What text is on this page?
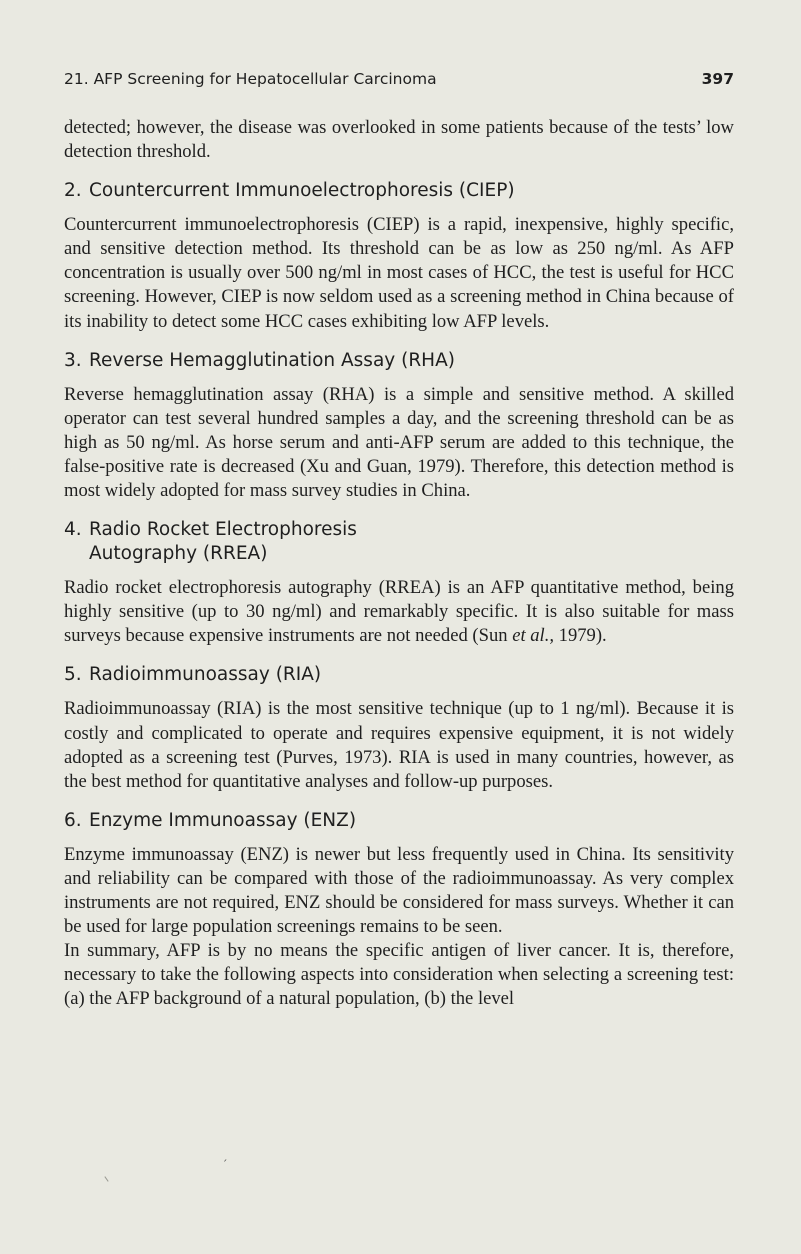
21. AFP Screening for Hepatocellular Carcinoma	397

detected; however, the disease was overlooked in some patients because of the tests’ low detection threshold.

2. Countercurrent Immunoelectrophoresis (CIEP)

Countercurrent immunoelectrophoresis (CIEP) is a rapid, inexpensive, highly specific, and sensitive detection method. Its threshold can be as low as 250 ng/ml. As AFP concentration is usually over 500 ng/ml in most cases of HCC, the test is useful for HCC screening. However, CIEP is now seldom used as a screening method in China because of its inability to detect some HCC cases exhibiting low AFP levels.

3. Reverse Hemagglutination Assay (RHA)

Reverse hemagglutination assay (RHA) is a simple and sensitive method. A skilled operator can test several hundred samples a day, and the screening threshold can be as high as 50 ng/ml. As horse serum and anti-AFP serum are added to this technique, the false-positive rate is decreased (Xu and Guan, 1979). Therefore, this detection method is most widely adopted for mass survey studies in China.

4. Radio Rocket Electrophoresis
Autography (RREA)

Radio rocket electrophoresis autography (RREA) is an AFP quantitative method, being highly sensitive (up to 30 ng/ml) and remarkably specific. It is also suitable for mass surveys because expensive instruments are not needed (Sun et al., 1979).

5. Radioimmunoassay (RIA)

Radioimmunoassay (RIA) is the most sensitive technique (up to 1 ng/ml). Because it is costly and complicated to operate and requires expensive equipment, it is not widely adopted as a screening test (Purves, 1973). RIA is used in many countries, however, as the best method for quantitative analyses and follow-up purposes.

6. Enzyme Immunoassay (ENZ)

Enzyme immunoassay (ENZ) is newer but less frequently used in China. Its sensitivity and reliability can be compared with those of the radioimmunoassay. As very complex instruments are not required, ENZ should be considered for mass surveys. Whether it can be used for large population screenings remains to be seen.

In summary, AFP is by no means the specific antigen of liver cancer. It is, therefore, necessary to take the following aspects into consideration when selecting a screening test: (a) the AFP background of a natural population, (b) the level

´
